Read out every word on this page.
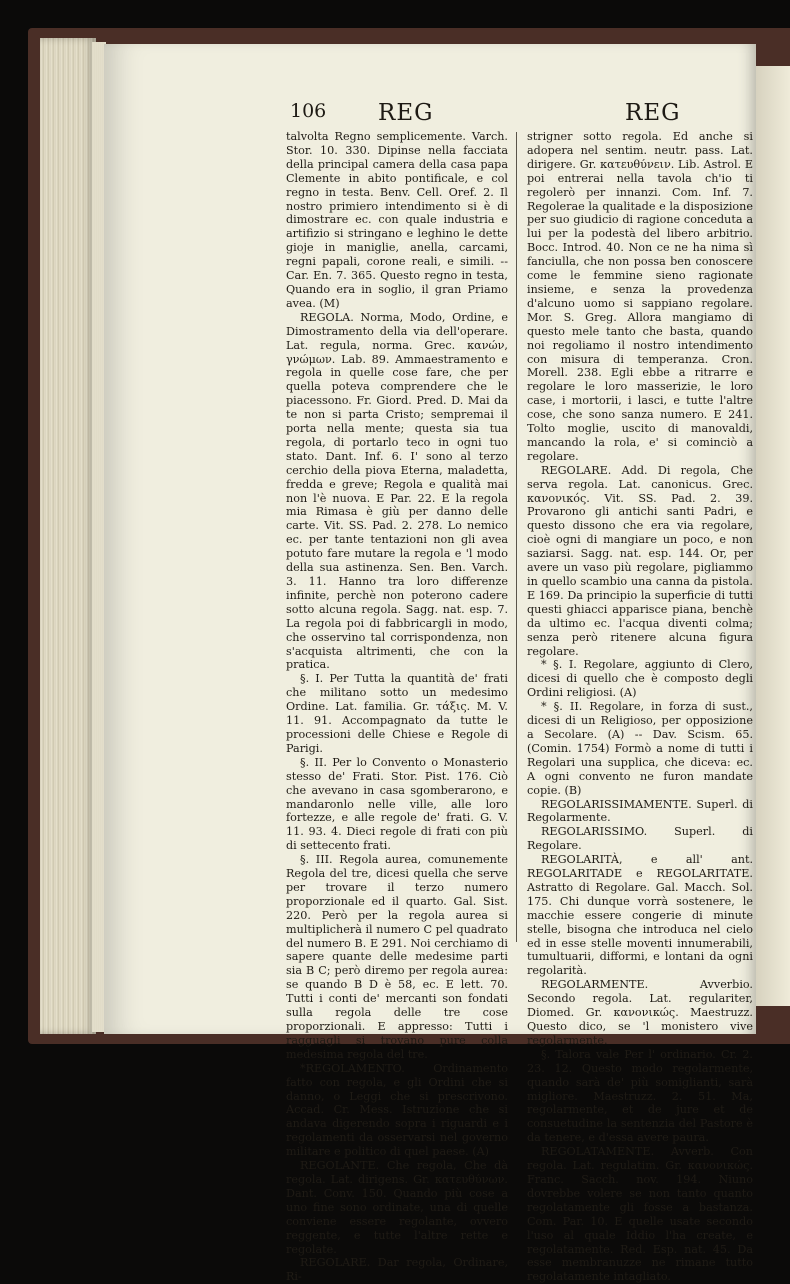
106 REG	REG

talvolta Regno semplicemente. Varch. Stor. 10. 330. Dipinse nella facciata della principal camera della casa papa Clemente in abito pontificale, e col regno in testa. Benv. Cell. Oref. 2. Il nostro primiero intendimento si è di dimostrare ec. con quale industria e artifizio si stringano e leghino le dette gioje in maniglie, anella, carcami, regni papali, corone reali, e simili. -- Car. En. 7. 365. Questo regno in testa, Quando era in soglio, il gran Priamo avea. (M)

REGOLA. Norma, Modo, Ordine, e Dimostramento della via dell'operare. Lat. regula, norma. Grec. κανών, γνώμων. Lab. 89. Ammaestramento e regola in quelle cose fare, che per quella poteva comprendere che le piacessono. Fr. Giord. Pred. D. Mai da te non si parta Cristo; sempremai il porta nella mente; questa sia tua regola, di portarlo teco in ogni tuo stato. Dant. Inf. 6. I' sono al terzo cerchio della piova Eterna, maladetta, fredda e greve; Regola e qualità mai non l'è nuova. E Par. 22. E la regola mia Rimasa è giù per danno delle carte. Vit. SS. Pad. 2. 278. Lo nemico ec. per tante tentazioni non gli avea potuto fare mutare la regola e 'l modo della sua astinenza. Sen. Ben. Varch. 3. 11. Hanno tra loro differenze infinite, perchè non poterono cadere sotto alcuna regola. Sagg. nat. esp. 7. La regola poi di fabbricargli in modo, che osservino tal corrispondenza, non s'acquista altrimenti, che con la pratica.

§. I. Per Tutta la quantità de' frati che militano sotto un medesimo Ordine. Lat. familia. Gr. τάξις. M. V. 11. 91. Accompagnato da tutte le processioni delle Chiese e Regole di Parigi.

§. II. Per lo Convento o Monasterio stesso de' Frati. Stor. Pist. 176. Ciò che avevano in casa sgomberarono, e mandaronlo nelle ville, alle loro fortezze, e alle regole de' frati. G. V. 11. 93. 4. Dieci regole di frati con più di settecento frati.

§. III. Regola aurea, comunemente Regola del tre, dicesi quella che serve per trovare il terzo numero proporzionale ed il quarto. Gal. Sist. 220. Però per la regola aurea si multiplicherà il numero C pel quadrato del numero B. E 291. Noi cerchiamo di sapere quante delle medesime parti sia B C; però diremo per regola aurea: se quando B D è 58, ec. E lett. 70. Tutti i conti de' mercanti son fondati sulla regola delle tre cose proporzionali. E appresso: Tutti i ragguagli si trovano pure colla medesima regola del tre.

*REGOLAMENTO. Ordinamento fatto con regola, e gli Ordini che si danno, o Leggi che si prescrivono. Accad. Cr. Mess. Istruzione che si andava digerendo sopra i riguardi e i regolamenti da osservarsi nel governo militare e politico di quel paese. (A)

REGOLANTE. Che regola, Che dà regola. Lat. dirigens. Gr. κατευθύνων. Dant. Conv. 150. Quando più cose a uno fine sono ordinate, una di quelle conviene essere regolante, ovvero reggente, e tutte l'altre rette e regolate.

REGOLARE. Dar regola, Ordinare, Ri-

strigner sotto regola. Ed anche si adopera nel sentim. neutr. pass. Lat. dirigere. Gr. κατευθύνειν. Lib. Astrol. E poi entrerai nella tavola ch'io ti regolerò per innanzi. Com. Inf. 7. Regolerae la qualitade e la disposizione per suo giudicio di ragione conceduta a lui per la podestà del libero arbitrio. Bocc. Introd. 40. Non ce ne ha nima sì fanciulla, che non possa ben conoscere come le femmine sieno ragionate insieme, e senza la provedenza d'alcuno uomo si sappiano regolare. Mor. S. Greg. Allora mangiamo di questo mele tanto che basta, quando noi regoliamo il nostro intendimento con misura di temperanza. Cron. Morell. 238. Egli ebbe a ritrarre e regolare le loro masserizie, le loro case, i mortorii, i lasci, e tutte l'altre cose, che sono sanza numero. E 241. Tolto moglie, uscito di manovaldi, mancando la rola, e' si cominciò a regolare.

REGOLARE. Add. Di regola, Che serva regola. Lat. canonicus. Grec. κανονικός. Vit. SS. Pad. 2. 39. Provarono gli antichi santi Padri, e questo dissono che era via regolare, cioè ogni di mangiare un poco, e non saziarsi. Sagg. nat. esp. 144. Or, per avere un vaso più regolare, pigliammo in quello scambio una canna da pistola. E 169. Da principio la superficie di tutti questi ghiacci apparisce piana, benchè da ultimo ec. l'acqua diventi colma; senza però ritenere alcuna figura regolare.

* §. I. Regolare, aggiunto di Clero, dicesi di quello che è composto degli Ordini religiosi. (A)

* §. II. Regolare, in forza di sust., dicesi di un Religioso, per opposizione a Secolare. (A) -- Dav. Scism. 65. (Comin. 1754) Formò a nome di tutti i Regolari una supplica, che diceva: ec. A ogni convento ne furon mandate copie. (B)

REGOLARISSIMAMENTE. Superl. di Regolarmente.

REGOLARISSIMO. Superl. di Regolare.

REGOLARITÀ, e all' ant. REGOLARITADE e REGOLARITATE. Astratto di Regolare. Gal. Macch. Sol. 175. Chi dunque vorrà sostenere, le macchie essere congerie di minute stelle, bisogna che introduca nel cielo ed in esse stelle moventi innumerabili, tumultuarii, difformi, e lontani da ogni regolarità.

REGOLARMENTE. Avverbio. Secondo regola. Lat. regulariter, Diomed. Gr. κανονικώς. Maestruzz. Questo dico, se 'l monistero vive regolarmente.

§. Talora vale Per l' ordinario. Cr. 2. 23. 12. Questo modo regolarmente, quando sarà de' più somiglianti, sarà migliore. Maestruzz. 2. 51. Ma, regolarmente, et de jure et de consuetudine la sentenzia del Pastore è da tenere, e d'essa avere paura.

REGOLATAMENTE. Avverb. Con regola. Lat. regulatim. Gr. κανονικώς. Franc. Sacch. nov. 194. Niuno dovrebbe volere se non tanto quanto regolatamente gli fosse a bastanza. Com. Par. 10. E quelle usate secondo l'uso al quale Iddio l'ha create, e regolatamente. Red. Esp. nat. 45. Da esse membranuzze ne rimane tutto regolatamente intagliato.
